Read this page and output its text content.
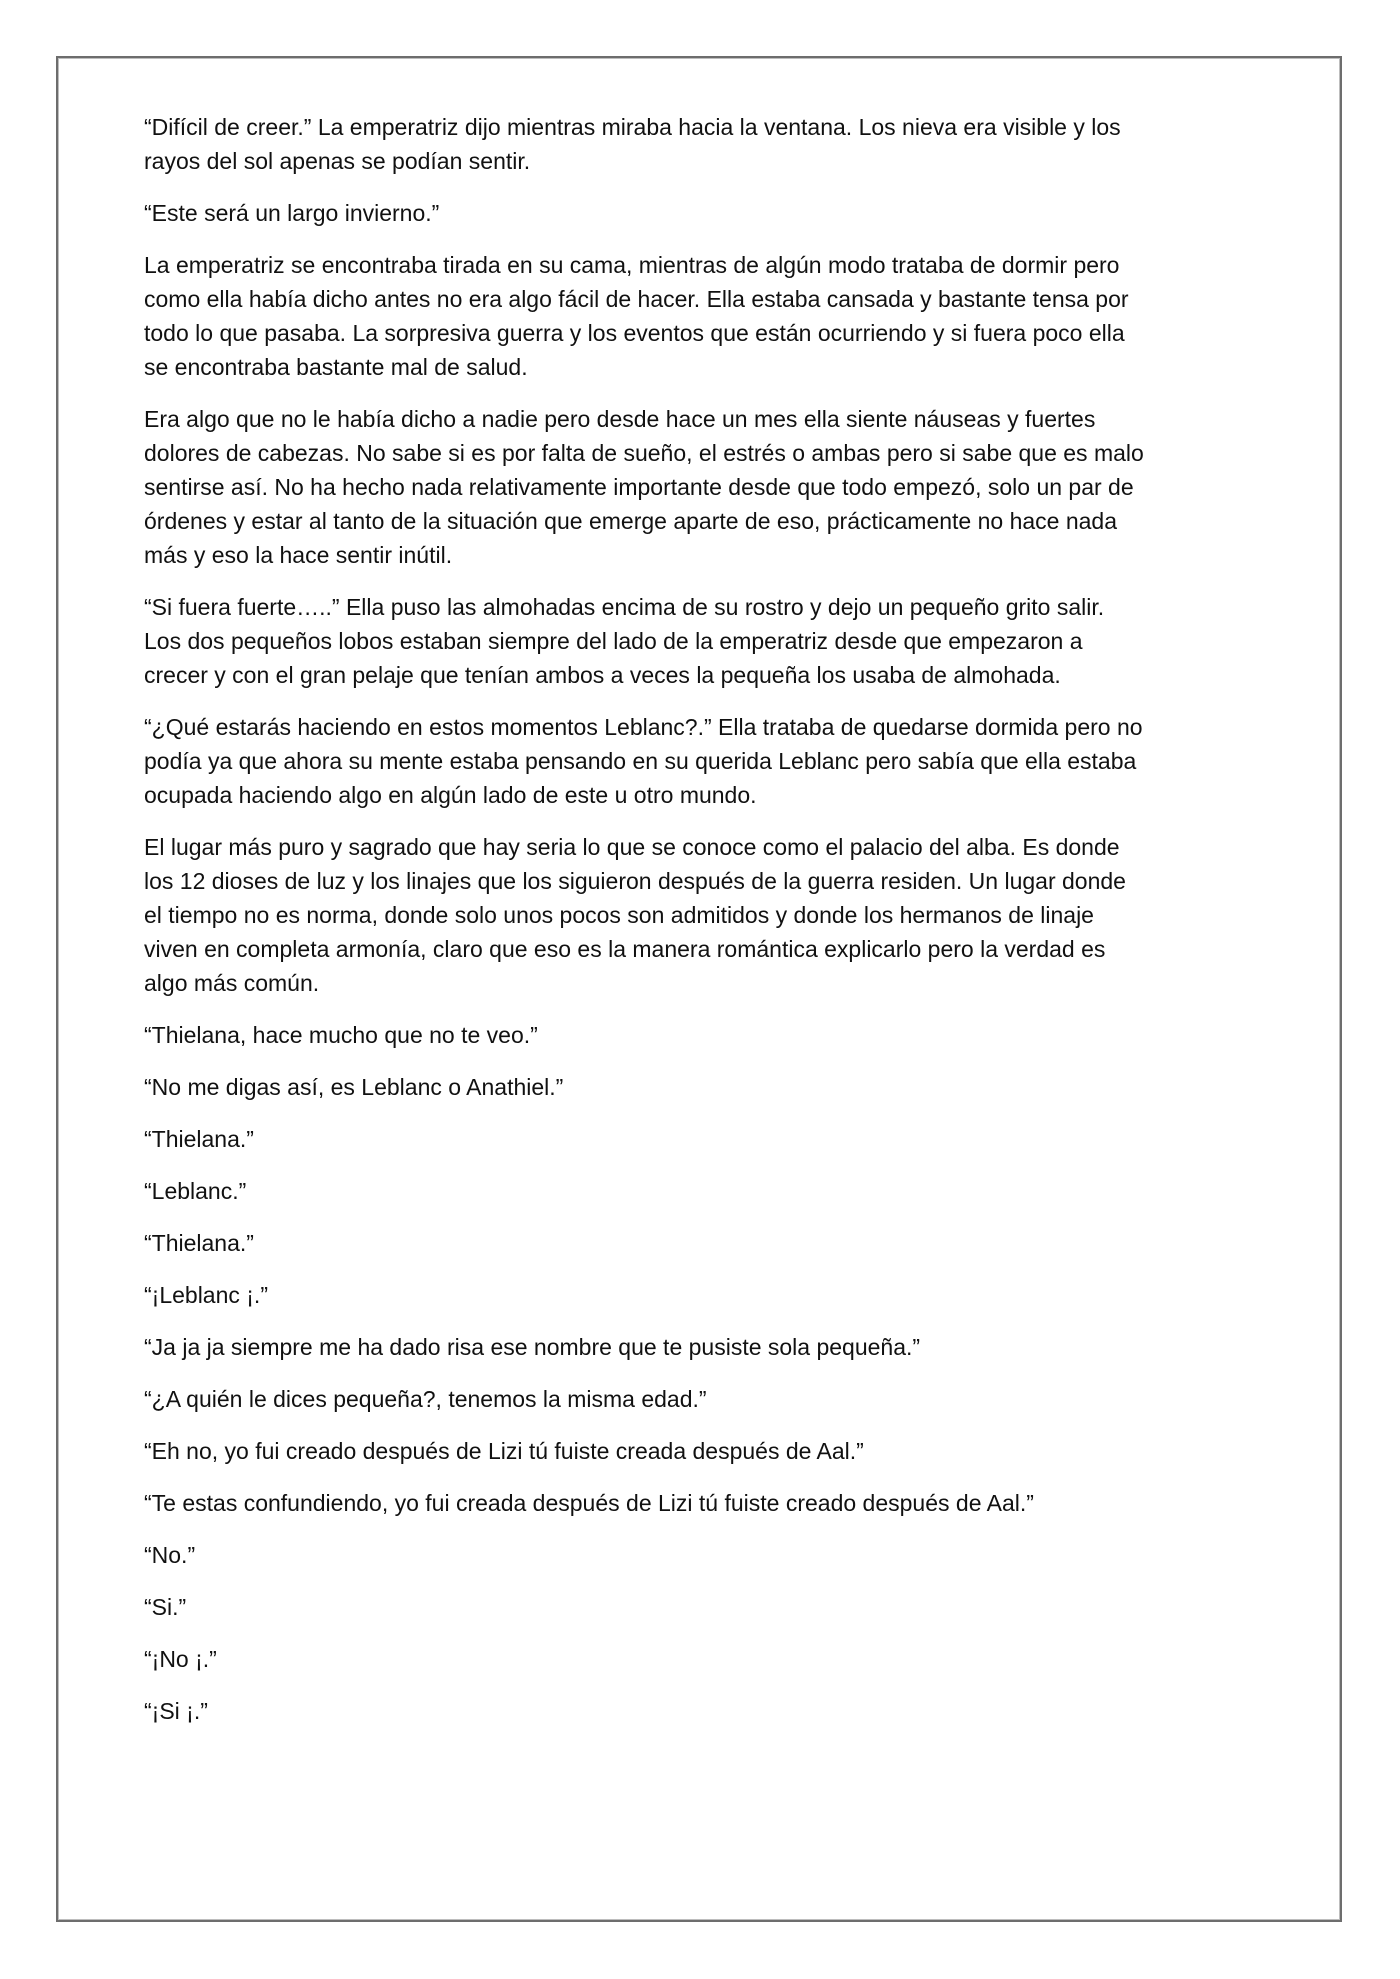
“Difícil de creer.” La emperatriz dijo mientras miraba hacia la ventana. Los nieva era visible y los rayos del sol apenas se podían sentir.

“Este será un largo invierno.”

La emperatriz se encontraba tirada en su cama, mientras de algún modo trataba de dormir pero como ella había dicho antes no era algo fácil de hacer. Ella estaba cansada y bastante tensa por todo lo que pasaba. La sorpresiva guerra y los eventos que están ocurriendo y si fuera poco ella se encontraba bastante mal de salud.

Era algo que no le había dicho a nadie pero desde hace un mes ella siente náuseas y fuertes dolores de cabezas. No sabe si es por falta de sueño, el estrés o ambas pero si sabe que es malo sentirse así. No ha hecho nada relativamente importante desde que todo empezó, solo un par de órdenes y estar al tanto de la situación que emerge aparte de eso, prácticamente no hace nada más y eso la hace sentir inútil.

“Si fuera fuerte…..” Ella puso las almohadas encima de su rostro y dejo un pequeño grito salir. Los dos pequeños lobos estaban siempre del lado de la emperatriz desde que empezaron a crecer y con el gran pelaje que tenían ambos a veces la pequeña los usaba de almohada.

“¿Qué estarás haciendo en estos momentos Leblanc?.” Ella trataba de quedarse dormida pero no podía ya que ahora su mente estaba pensando en su querida Leblanc pero sabía que ella estaba ocupada haciendo algo en algún lado de este u otro mundo.

El lugar más puro y sagrado que hay seria lo que se conoce como el palacio del alba. Es donde los 12 dioses de luz y los linajes que los siguieron después de la guerra residen. Un lugar donde el tiempo no es norma, donde solo unos pocos son admitidos y donde los hermanos de linaje viven en completa armonía, claro que eso es la manera romántica explicarlo pero la verdad es algo más común.

“Thielana, hace mucho que no te veo.”

“No me digas así, es Leblanc o Anathiel.”

“Thielana.”

“Leblanc.”

“Thielana.”

“¡Leblanc ¡.”

“Ja ja ja siempre me ha dado risa ese nombre que te pusiste sola pequeña.”

“¿A quién le dices pequeña?, tenemos la misma edad.”

“Eh no, yo fui creado después de Lizi tú fuiste creada después de Aal.”

“Te estas confundiendo, yo fui creada después de Lizi tú fuiste creado después de Aal.”

“No.”

“Si.”

“¡No ¡.”

“¡Si ¡.”
